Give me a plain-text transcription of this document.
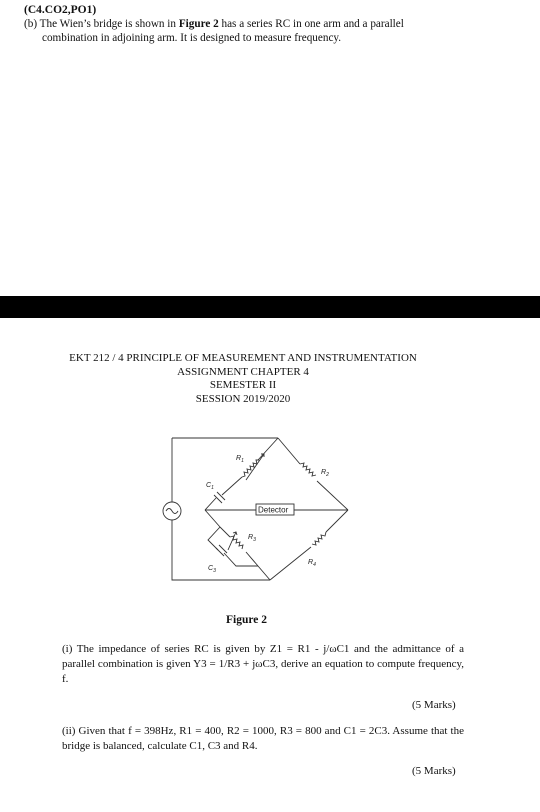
(C4.CO2,PO1)
(b) The Wien’s bridge is shown in Figure 2 has a series RC in one arm and a parallel
combination in adjoining arm. It is designed to measure frequency.
EKT 212 / 4 PRINCIPLE OF MEASUREMENT AND INSTRUMENTATION
ASSIGNMENT CHAPTER 4
SEMESTER II
SESSION 2019/2020
$R_1$
$R_2$
$C_1$
$R_3$
$C_3$
$R_4$
Detector
Figure 2
(i) The impedance of series RC is given by Z1 = R1 - j/ωC1 and the admittance of a parallel combination is given Y3 = 1/R3 + jωC3, derive an equation to compute frequency, f.
(5 Marks)
(ii) Given that f = 398Hz, R1 = 400, R2 = 1000, R3 = 800 and C1 = 2C3. Assume that the bridge is balanced, calculate C1, C3 and R4.
(5 Marks)
